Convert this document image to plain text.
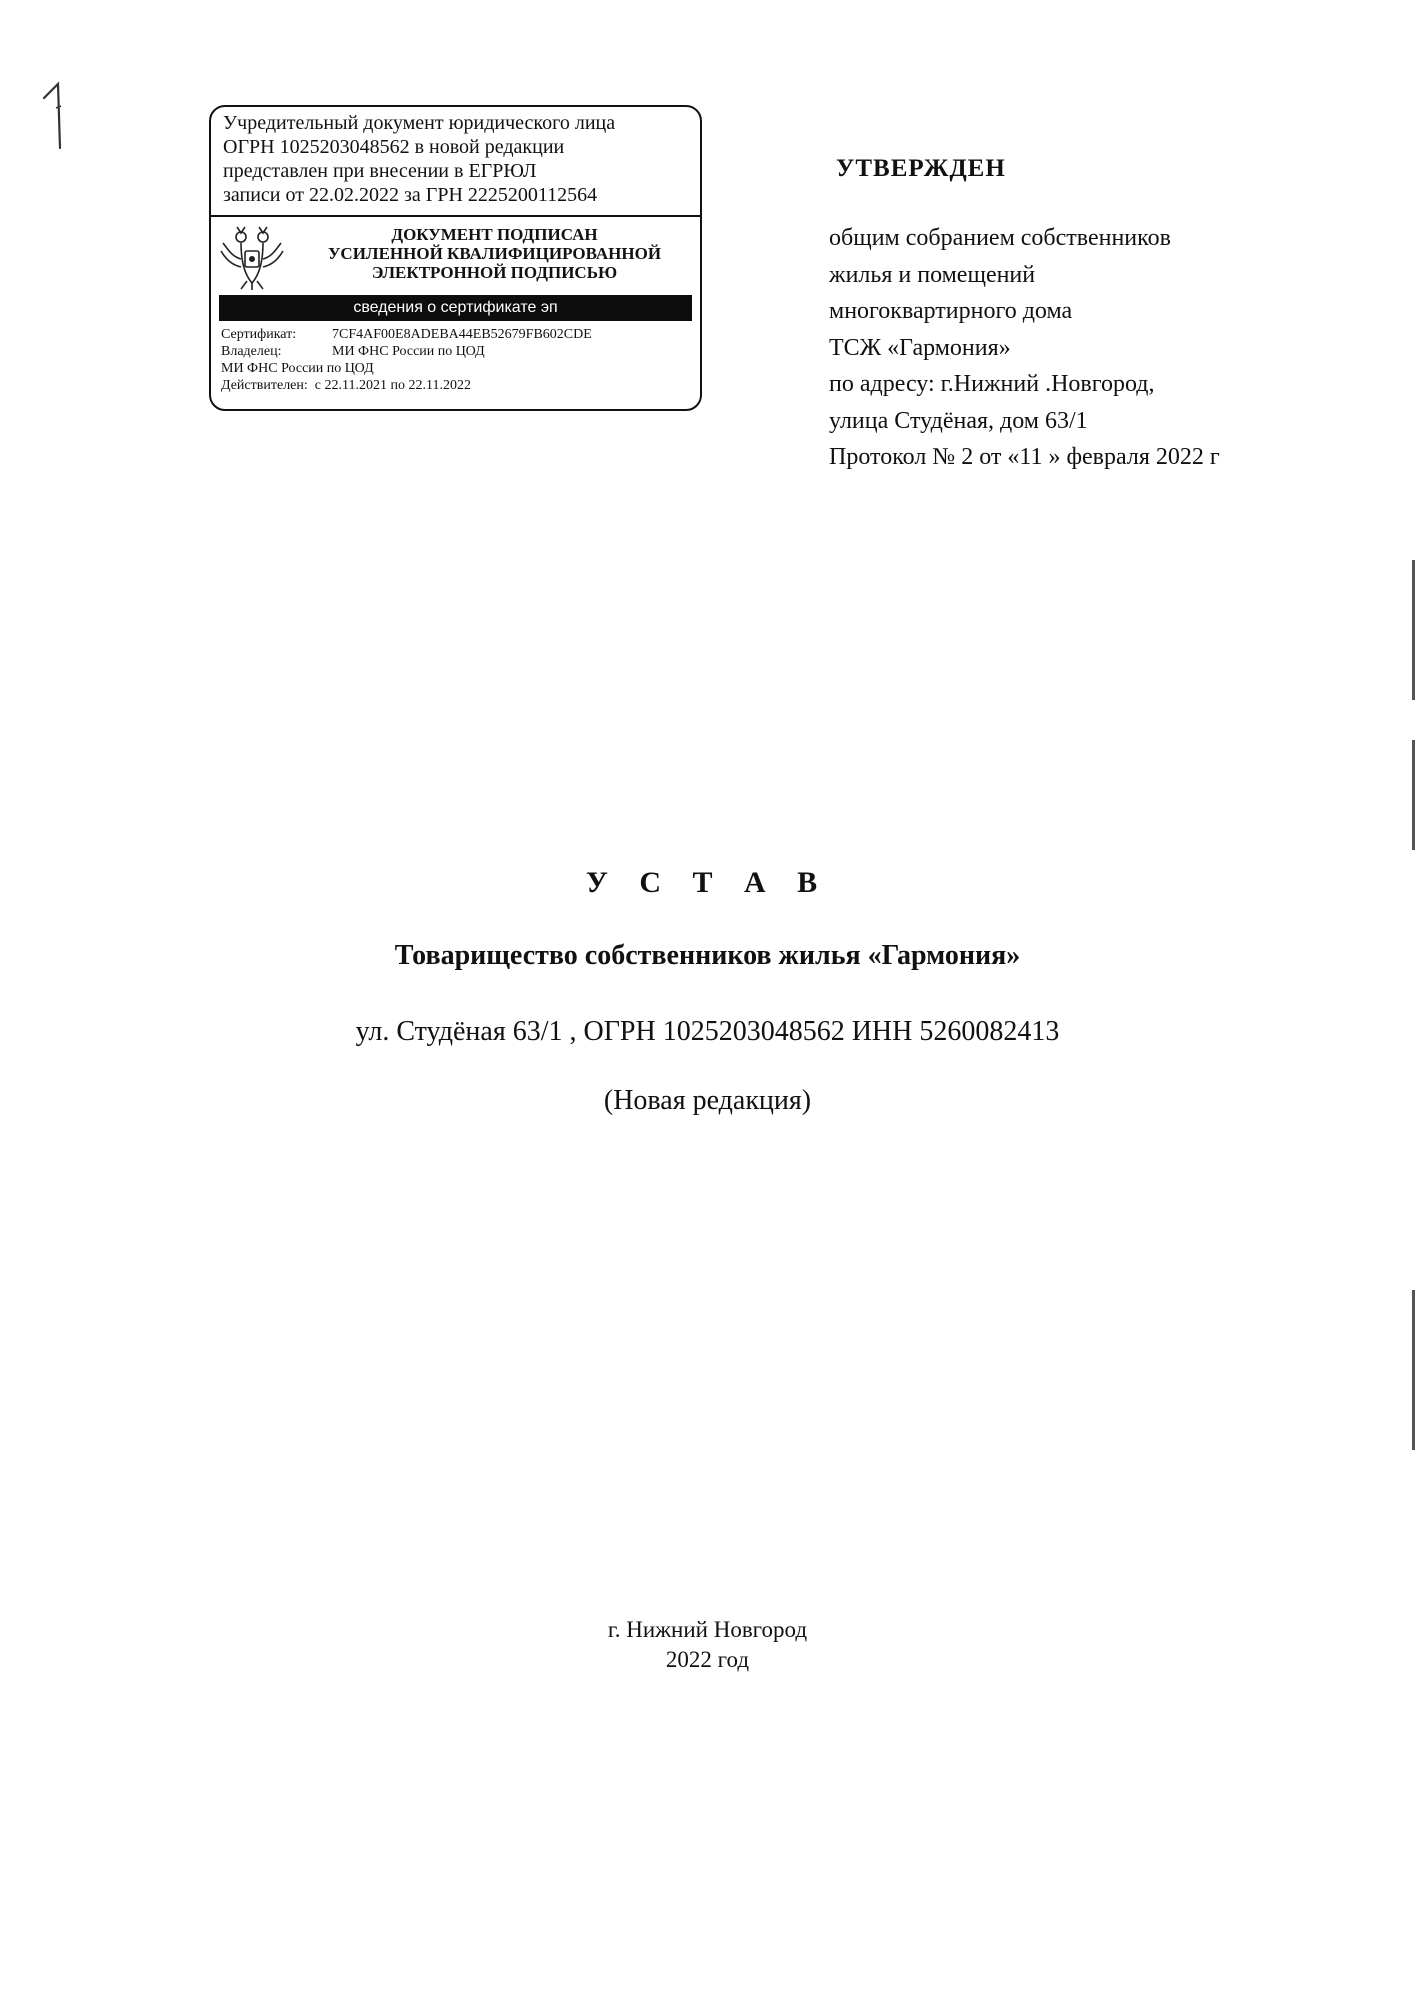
Учредительный документ юридического лица
ОГРН 1025203048562 в новой редакции
представлен при внесении в ЕГРЮЛ
записи от 22.02.2022 за ГРН 2225200112564
ДОКУМЕНТ ПОДПИСАН
УСИЛЕННОЙ КВАЛИФИЦИРОВАННОЙ
ЭЛЕКТРОННОЙ ПОДПИСЬЮ
сведения о сертификате эп
Сертификат:	7CF4AF00E8ADEBA44EB52679FB602CDE
Владелец:	МИ ФНС России по ЦОД
МИ ФНС России по ЦОД
Действителен: с 22.11.2021 по 22.11.2022
УТВЕРЖДЕН
общим собранием собственников
жилья и помещений
многоквартирного дома
ТСЖ «Гармония»
по адресу: г.Нижний .Новгород,
улица Студёная, дом 63/1
Протокол № 2 от «11 » февраля 2022 г
У С Т А В
Товарищество собственников жилья «Гармония»
ул. Студёная 63/1 , ОГРН 1025203048562 ИНН 5260082413
(Новая редакция)
г. Нижний Новгород
2022 год
